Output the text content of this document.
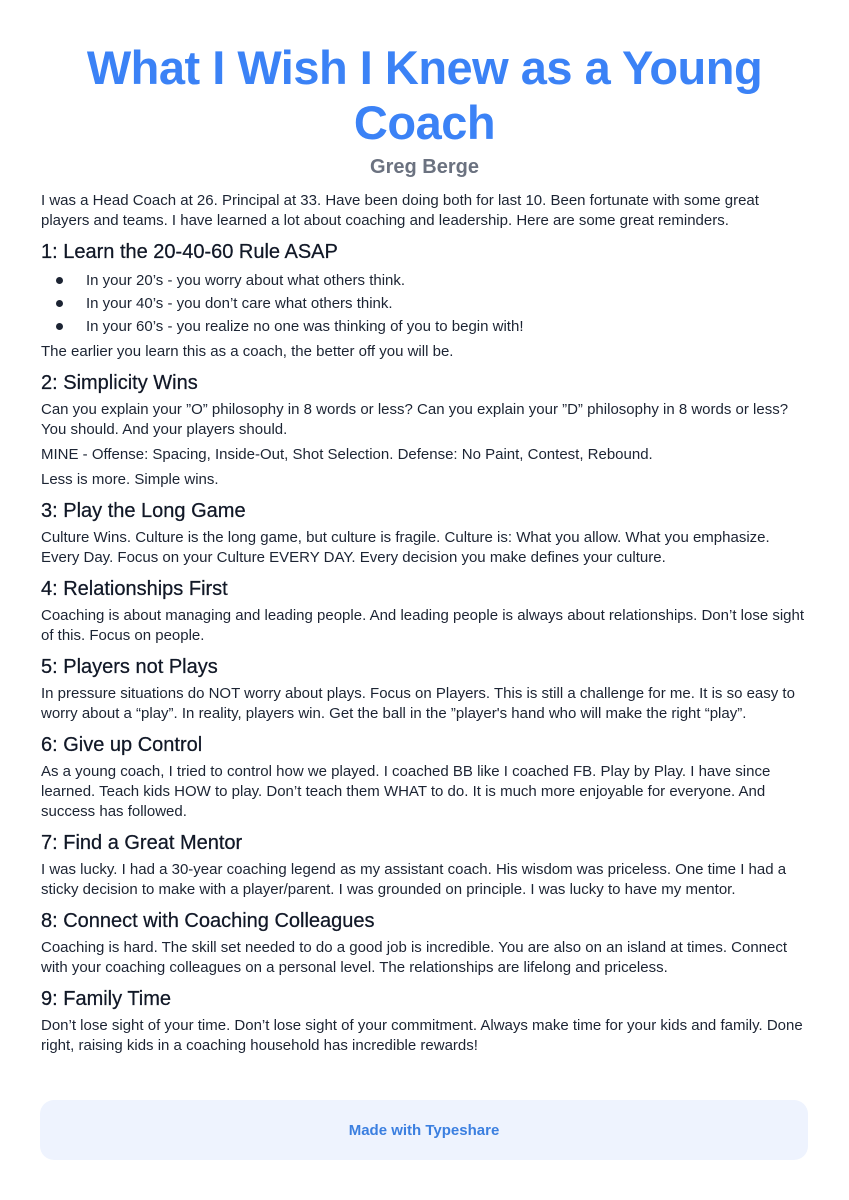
What I Wish I Knew as a Young Coach
Greg Berge

I was a Head Coach at 26. Principal at 33. Have been doing both for last 10. Been fortunate with some great players and teams. I have learned a lot about coaching and leadership. Here are some great reminders.

1: Learn the 20-40-60 Rule ASAP
In your 20’s - you worry about what others think.
In your 40’s - you don’t care what others think.
In your 60’s - you realize no one was thinking of you to begin with!

The earlier you learn this as a coach, the better off you will be.

2: Simplicity Wins

Can you explain your ”O” philosophy in 8 words or less? Can you explain your ”D” philosophy in 8 words or less? You should. And your players should.

MINE - Offense: Spacing, Inside-Out, Shot Selection. Defense: No Paint, Contest, Rebound.

Less is more. Simple wins.

3: Play the Long Game

Culture Wins. Culture is the long game, but culture is fragile. Culture is: What you allow. What you emphasize. Every Day. Focus on your Culture EVERY DAY. Every decision you make defines your culture.

4: Relationships First

Coaching is about managing and leading people. And leading people is always about relationships. Don’t lose sight of this. Focus on people.

5: Players not Plays

In pressure situations do NOT worry about plays. Focus on Players. This is still a challenge for me. It is so easy to worry about a “play”. In reality, players win. Get the ball in the ”player's hand who will make the right “play”.

6: Give up Control

As a young coach, I tried to control how we played. I coached BB like I coached FB. Play by Play. I have since learned. Teach kids HOW to play. Don’t teach them WHAT to do. It is much more enjoyable for everyone. And success has followed.

7: Find a Great Mentor

I was lucky. I had a 30-year coaching legend as my assistant coach. His wisdom was priceless. One time I had a sticky decision to make with a player/parent. I was grounded on principle. I was lucky to have my mentor.

8: Connect with Coaching Colleagues

Coaching is hard. The skill set needed to do a good job is incredible. You are also on an island at times. Connect with your coaching colleagues on a personal level. The relationships are lifelong and priceless.

9: Family Time

Don’t lose sight of your time. Don’t lose sight of your commitment. Always make time for your kids and family. Done right, raising kids in a coaching household has incredible rewards!

Made with Typeshare
